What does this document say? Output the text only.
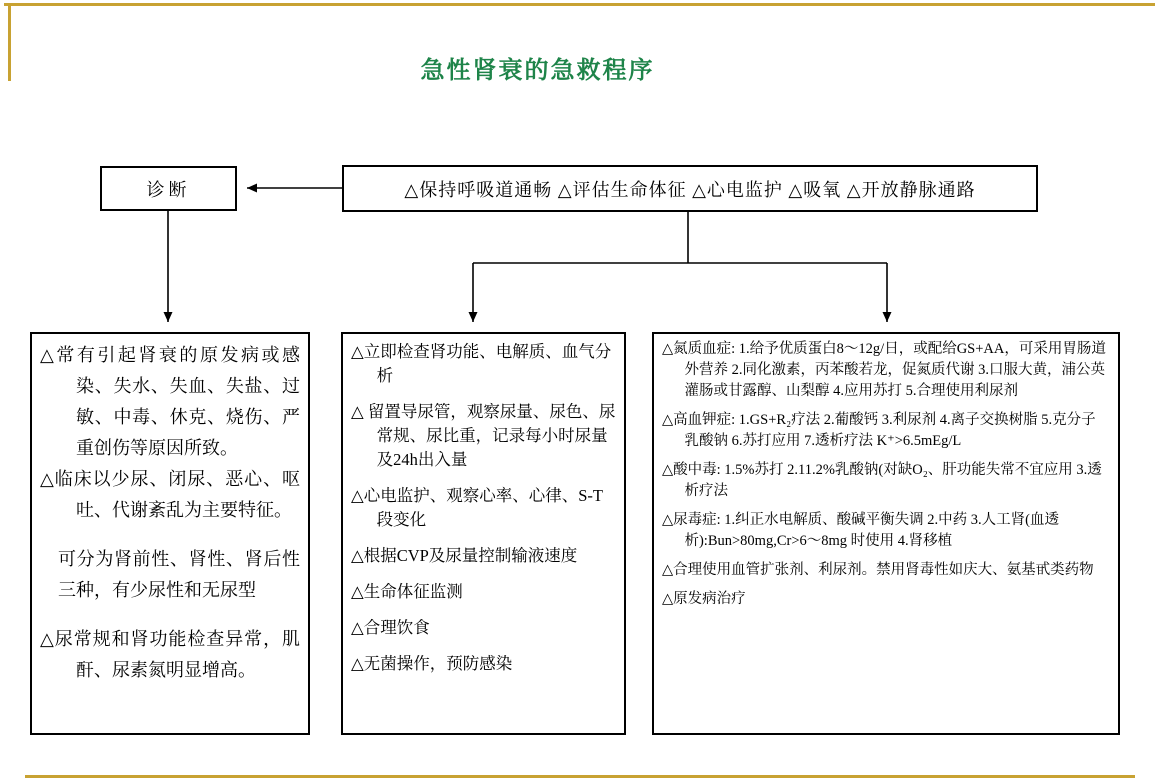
急性肾衰的急救程序
诊断	△保持呼吸道通畅 △评估生命体征 △心电监护 △吸氧 △开放静脉通路

△常有引起肾衰的原发病或感染、失水、失血、失盐、过敏、中毒、休克、烧伤、严重创伤等原因所致。

△临床以少尿、闭尿、恶心、呕吐、代谢紊乱为主要特征。

可分为肾前性、肾性、肾后性三种，有少尿性和无尿型

△尿常规和肾功能检查异常，肌酐、尿素氮明显增高。

△立即检查肾功能、电解质、血气分析

△ 留置导尿管，观察尿量、尿色、尿常规、尿比重，记录每小时尿量及24h出入量

△心电监护、观察心率、心律、S-T段变化

△根据CVP及尿量控制输液速度

△生命体征监测

△合理饮食

△无菌操作，预防感染

△氮质血症: 1.给予优质蛋白8～12g/日，或配给GS+AA，可采用胃肠道外营养 2.同化激素，丙苯酸若龙，促氮质代谢 3.口服大黄，浦公英灌肠或甘露醇、山梨醇 4.应用苏打 5.合理使用利尿剂

△高血钾症: 1.GS+R₂疗法 2.葡酸钙 3.利尿剂 4.离子交换树脂 5.克分子乳酸钠 6.苏打应用 7.透析疗法 K⁺>6.5mEg/L

△酸中毒: 1.5%苏打 2.11.2%乳酸钠(对缺O₂、肝功能失常不宜应用 3.透析疗法

△尿毒症: 1.纠正水电解质、酸碱平衡失调 2.中药 3.人工肾(血透析):Bun>80mg,Cr>6～8mg 时使用 4.肾移植

△合理使用血管扩张剂、利尿剂。禁用肾毒性如庆大、氨基甙类药物

△原发病治疗
